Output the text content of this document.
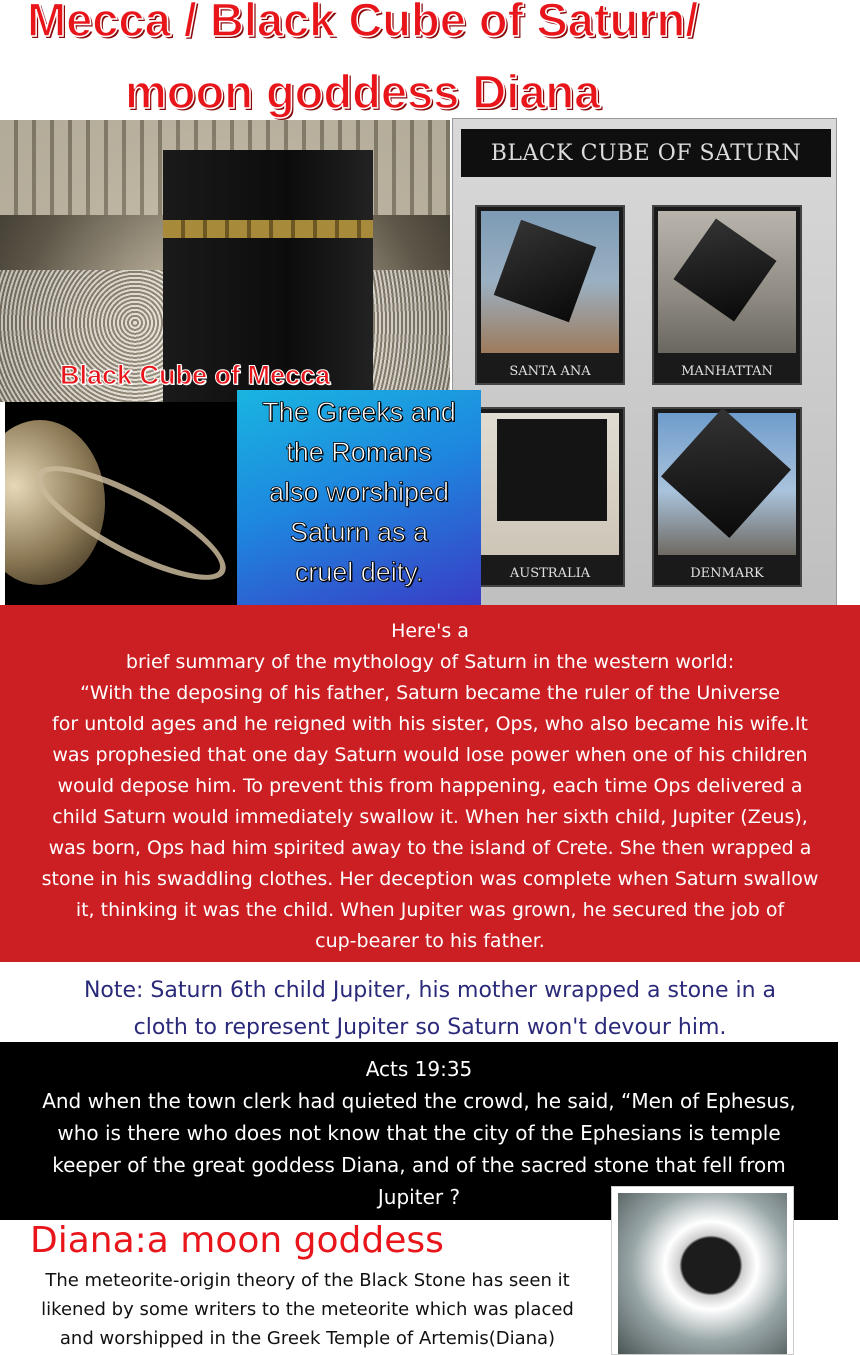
Mecca / Black Cube of Saturn/
moon goddess Diana
Black Cube of Mecca
BLACK CUBE OF SATURN
SANTA ANA	MANHATTAN
AUSTRALIA	DENMARK
The Greeks and
the Romans
also worshiped
Saturn as a
cruel deity.

Here's a

brief summary of the mythology of Saturn in the western world:

“With the deposing of his father, Saturn became the ruler of the Universe

for untold ages and he reigned with his sister, Ops, who also became his wife.It

was prophesied that one day Saturn would lose power when one of his children

would depose him. To prevent this from happening, each time Ops delivered a

child Saturn would immediately swallow it. When her sixth child, Jupiter (Zeus),

was born, Ops had him spirited away to the island of Crete. She then wrapped a

stone in his swaddling clothes. Her deception was complete when Saturn swallow

it, thinking it was the child. When Jupiter was grown, he secured the job of

cup-bearer to his father.

Note: Saturn 6th child Jupiter, his mother wrapped a stone in a

cloth to represent Jupiter so Saturn won't devour him.

Acts 19:35

And when the town clerk had quieted the crowd, he said, “Men of Ephesus,

who is there who does not know that the city of the Ephesians is temple

keeper of the great goddess Diana, and of the sacred stone that fell from

Jupiter ?

Diana:a moon goddess

The meteorite-origin theory of the Black Stone has seen it

likened by some writers to the meteorite which was placed

and worshipped in the Greek Temple of Artemis(Diana)
